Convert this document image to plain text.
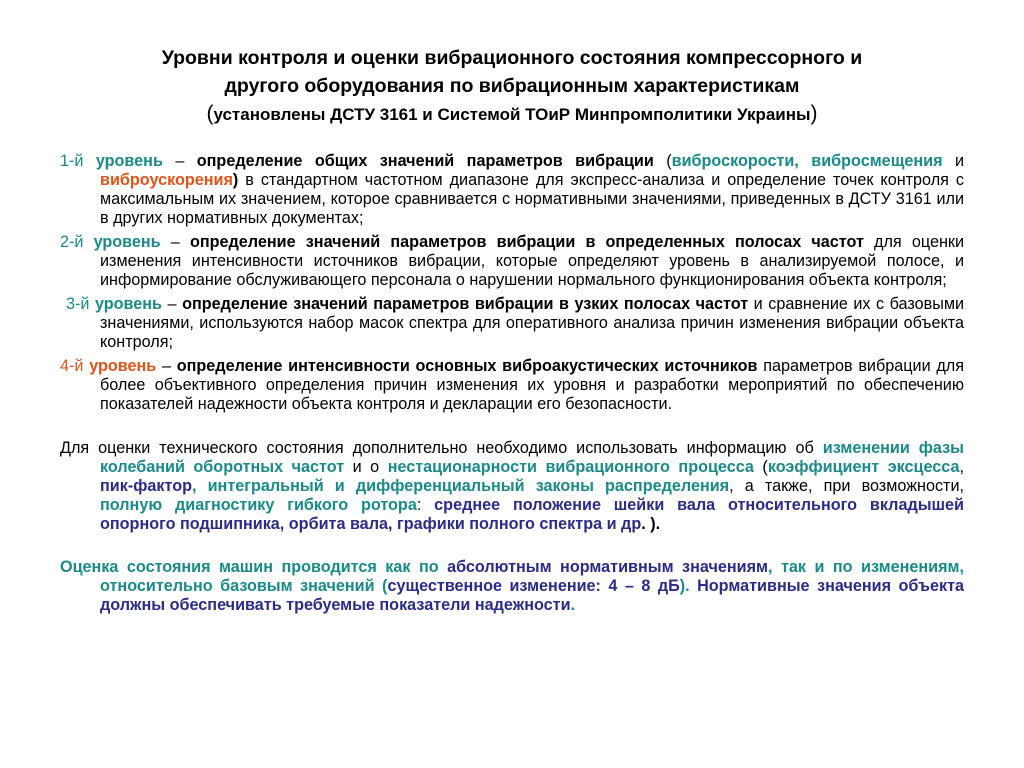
Уровни контроля и оценки вибрационного состояния компрессорного и
другого оборудования по вибрационным характеристикам
(установлены ДСТУ 3161 и Системой ТОиР Минпромполитики Украины)
1-й уровень – определение общих значений параметров вибрации (виброскорости, вибросмещения и виброускорения) в стандартном частотном диапазоне для экспресс-анализа и определение точек контроля с максимальным их значением, которое сравнивается с нормативными значениями, приведенных в ДСТУ 3161 или в других нормативных документах;
2-й уровень – определение значений параметров вибрации в определенных полосах частот для оценки изменения интенсивности источников вибрации, которые определяют уровень в анализируемой полосе, и информирование обслуживающего персонала о нарушении нормального функционирования объекта контроля;
3-й уровень – определение значений параметров вибрации в узких полосах частот и сравнение их с базовыми значениями, используются набор масок спектра для оперативного анализа причин изменения вибрации объекта контроля;
4-й уровень – определение интенсивности основных виброакустических источников параметров вибрации для более объективного определения причин изменения их уровня и разработки мероприятий по обеспечению показателей надежности объекта контроля и декларации его безопасности.
Для оценки технического состояния дополнительно необходимо использовать информацию об изменении фазы колебаний оборотных частот и о нестационарности вибрационного процесса (коэффициент эксцесса, пик-фактор, интегральный и дифференциальный законы распределения, а также, при возможности, полную диагностику гибкого ротора: среднее положение шейки вала относительного вкладышей опорного подшипника, орбита вала, графики полного спектра и др. ).
Оценка состояния машин проводится как по абсолютным нормативным значениям, так и по изменениям, относительно базовым значений (существенное изменение: 4 – 8 дБ). Нормативные значения объекта должны обеспечивать требуемые показатели надежности.
